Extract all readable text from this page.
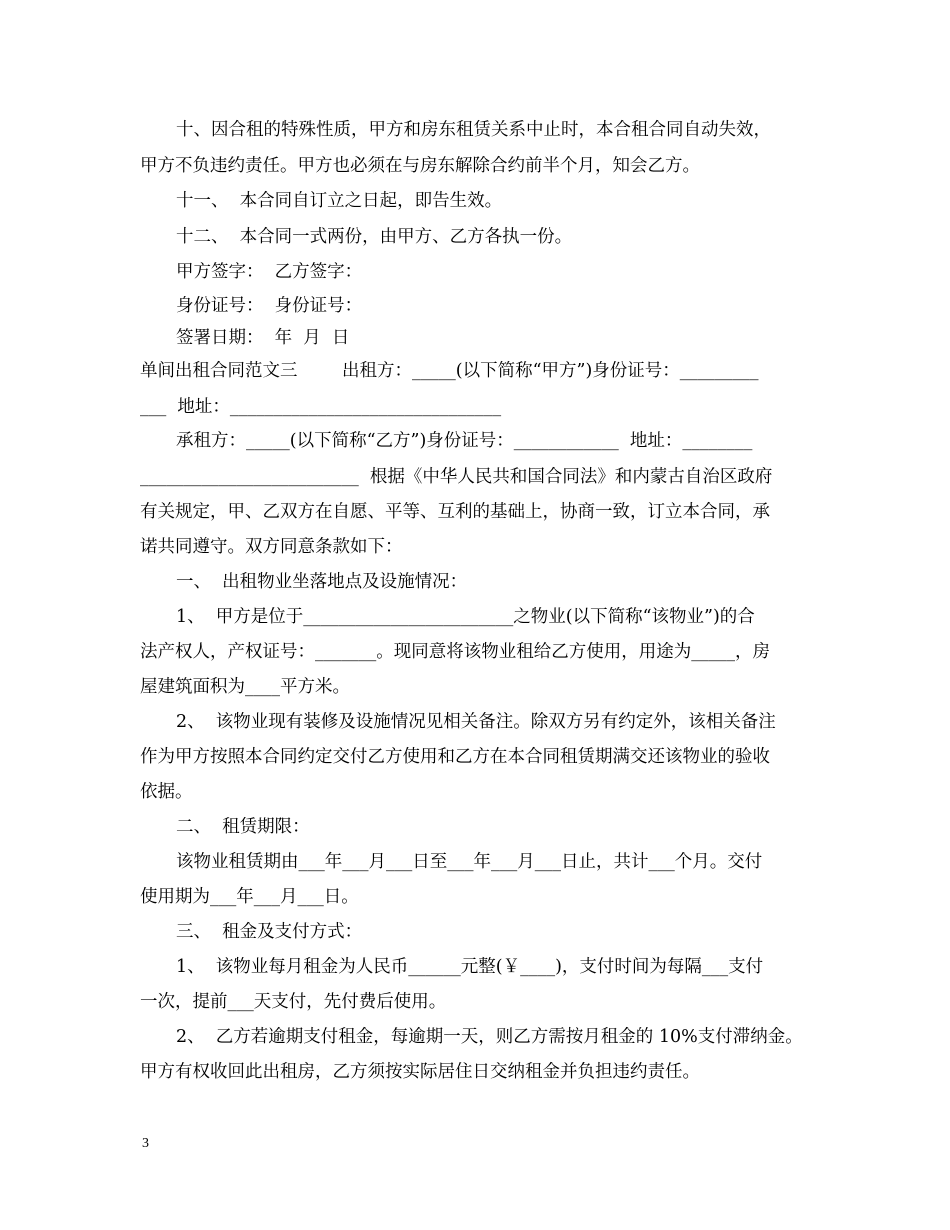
十、因合租的特殊性质，甲方和房东租赁关系中止时，本合租合同自动失效，
甲方不负违约责任。甲方也必须在与房东解除合约前半个月，知会乙方。
十一、  本合同自订立之日起，即告生效。
十二、  本合同一式两份，由甲方、乙方各执一份。
甲方签字：  乙方签字：
身份证号：  身份证号：
签署日期：  年  月  日
单间出租合同范文三        出租方：_____(以下简称“甲方”)身份证号：_________
___  地址：_______________________________
承租方：_____(以下简称“乙方”)身份证号：____________  地址：________
_________________________  根据《中华人民共和国合同法》和内蒙古自治区政府
有关规定，甲、乙双方在自愿、平等、互利的基础上，协商一致，订立本合同，承
诺共同遵守。双方同意条款如下：
一、  出租物业坐落地点及设施情况：
1、  甲方是位于________________________之物业(以下简称“该物业”)的合
法产权人，产权证号：_______。现同意将该物业租给乙方使用，用途为_____，房
屋建筑面积为____平方米。
2、  该物业现有装修及设施情况见相关备注。除双方另有约定外，该相关备注
作为甲方按照本合同约定交付乙方使用和乙方在本合同租赁期满交还该物业的验收
依据。
二、  租赁期限：
该物业租赁期由___年___月___日至___年___月___日止，共计___个月。交付
使用期为___年___月___日。
三、  租金及支付方式：
1、  该物业每月租金为人民币______元整(￥____)，支付时间为每隔___支付
一次，提前___天支付，先付费后使用。
2、  乙方若逾期支付租金，每逾期一天，则乙方需按月租金的 10%支付滞纳金。
甲方有权收回此出租房，乙方须按实际居住日交纳租金并负担违约责任。
3
